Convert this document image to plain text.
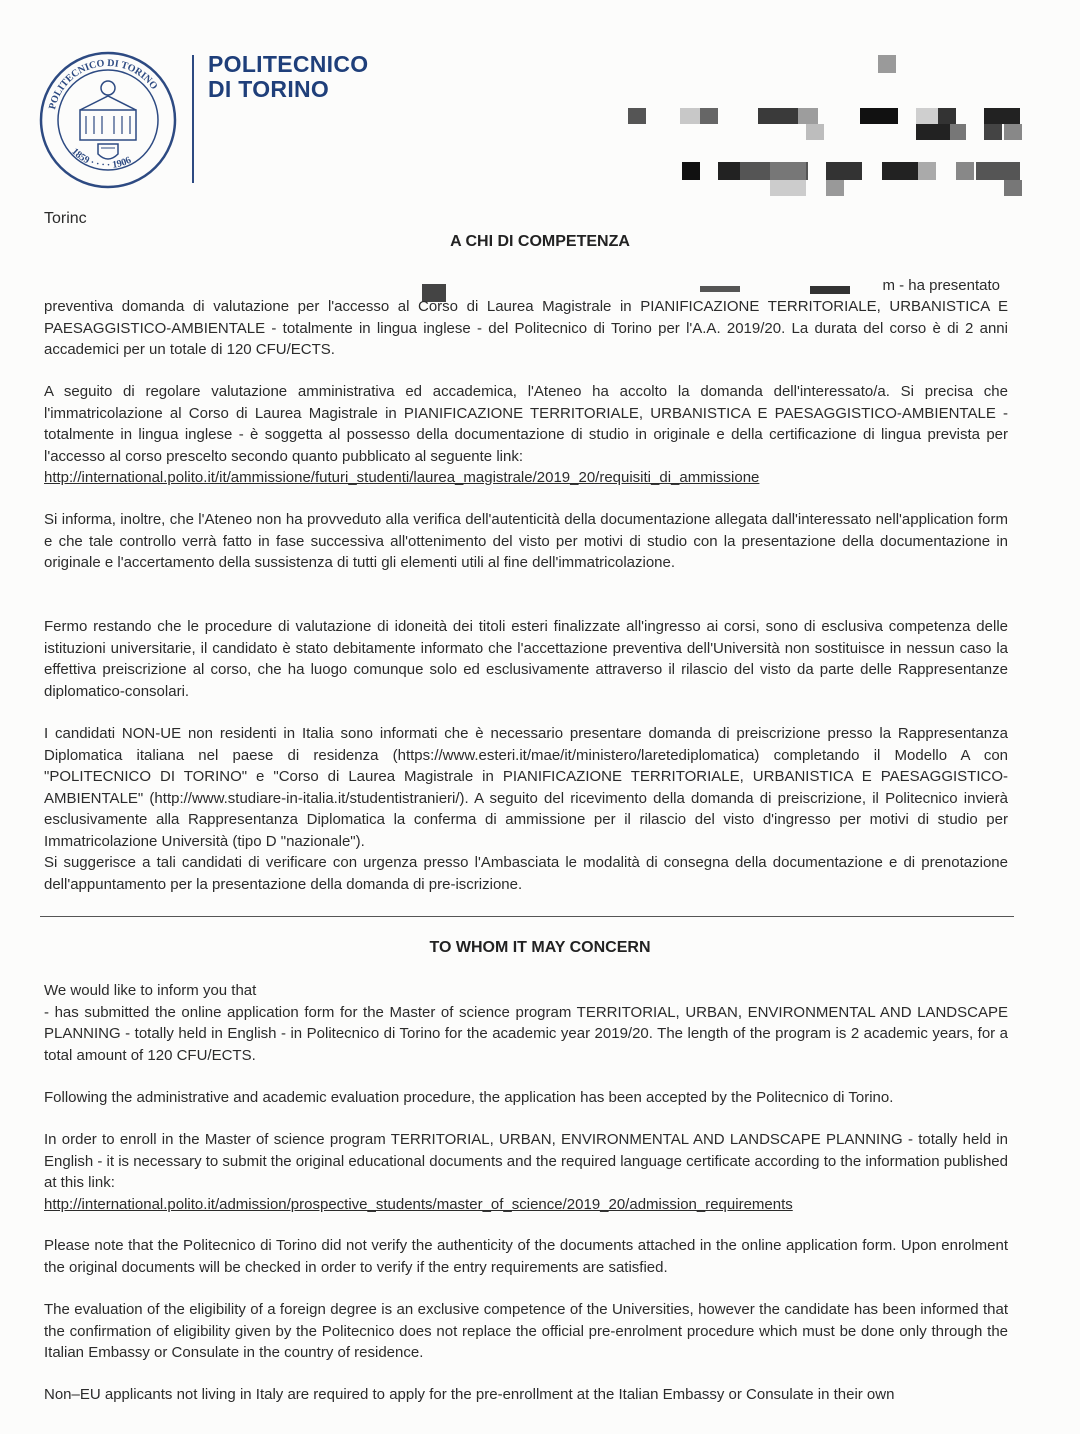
POLITECNICO DI TORINO
1859 · · · · 1906
POLITECNICO
DI TORINO
Torinc
A CHI DI COMPETENZA
m - ha presentato
preventiva domanda di valutazione per l'accesso al Corso di Laurea Magistrale in PIANIFICAZIONE TERRITORIALE, URBANISTICA E PAESAGGISTICO-AMBIENTALE - totalmente in lingua inglese - del Politecnico di Torino per l'A.A. 2019/20. La durata del corso è di 2 anni accademici per un totale di 120 CFU/ECTS.

A seguito di regolare valutazione amministrativa ed accademica, l'Ateneo ha accolto la domanda dell'interessato/a. Si precisa che l'immatricolazione al Corso di Laurea Magistrale in PIANIFICAZIONE TERRITORIALE, URBANISTICA E PAESAGGISTICO-AMBIENTALE - totalmente in lingua inglese - è soggetta al possesso della documentazione di studio in originale e della certificazione di lingua prevista per l'accesso al corso prescelto secondo quanto pubblicato al seguente link:

http://international.polito.it/it/ammissione/futuri_studenti/laurea_magistrale/2019_20/requisiti_di_ammissione

Si informa, inoltre, che l'Ateneo non ha provveduto alla verifica dell'autenticità della documentazione allegata dall'interessato nell'application form e che tale controllo verrà fatto in fase successiva all'ottenimento del visto per motivi di studio con la presentazione della documentazione in originale e l'accertamento della sussistenza di tutti gli elementi utili al fine dell'immatricolazione.
Fermo restando che le procedure di valutazione di idoneità dei titoli esteri finalizzate all'ingresso ai corsi, sono di esclusiva competenza delle istituzioni universitarie, il candidato è stato debitamente informato che l'accettazione preventiva dell'Università non sostituisce in nessun caso la effettiva preiscrizione al corso, che ha luogo comunque solo ed esclusivamente attraverso il rilascio del visto da parte delle Rappresentanze diplomatico-consolari.

I candidati NON-UE non residenti in Italia sono informati che è necessario presentare domanda di preiscrizione presso la Rappresentanza Diplomatica italiana nel paese di residenza (https://www.esteri.it/mae/it/ministero/laretediplomatica) completando il Modello A con "POLITECNICO DI TORINO" e "Corso di Laurea Magistrale in PIANIFICAZIONE TERRITORIALE, URBANISTICA E PAESAGGISTICO-AMBIENTALE" (http://www.studiare-in-italia.it/studentistranieri/). A seguito del ricevimento della domanda di preiscrizione, il Politecnico invierà esclusivamente alla Rappresentanza Diplomatica la conferma di ammissione per il rilascio del visto d'ingresso per motivi di studio per Immatricolazione Università (tipo D "nazionale").

Si suggerisce a tali candidati di verificare con urgenza presso l'Ambasciata le modalità di consegna della documentazione e di prenotazione dell'appuntamento per la presentazione della domanda di pre-iscrizione.

TO WHOM IT MAY CONCERN

We would like to inform you that

- has submitted the online application form for the Master of science program TERRITORIAL, URBAN, ENVIRONMENTAL AND LANDSCAPE PLANNING - totally held in English - in Politecnico di Torino for the academic year 2019/20. The length of the program is 2 academic years, for a total amount of 120 CFU/ECTS.

Following the administrative and academic evaluation procedure, the application has been accepted by the Politecnico di Torino.

In order to enroll in the Master of science program TERRITORIAL, URBAN, ENVIRONMENTAL AND LANDSCAPE PLANNING - totally held in English - it is necessary to submit the original educational documents and the required language certificate according to the information published at this link:

http://international.polito.it/admission/prospective_students/master_of_science/2019_20/admission_requirements

Please note that the Politecnico di Torino did not verify the authenticity of the documents attached in the online application form. Upon enrolment the original documents will be checked in order to verify if the entry requirements are satisfied.
The evaluation of the eligibility of a foreign degree is an exclusive competence of the Universities, however the candidate has been informed that the confirmation of eligibility given by the Politecnico does not replace the official pre-enrolment procedure which must be done only through the Italian Embassy or Consulate in the country of residence.
Non–EU applicants not living in Italy are required to apply for the pre-enrollment at the Italian Embassy or Consulate in their own
